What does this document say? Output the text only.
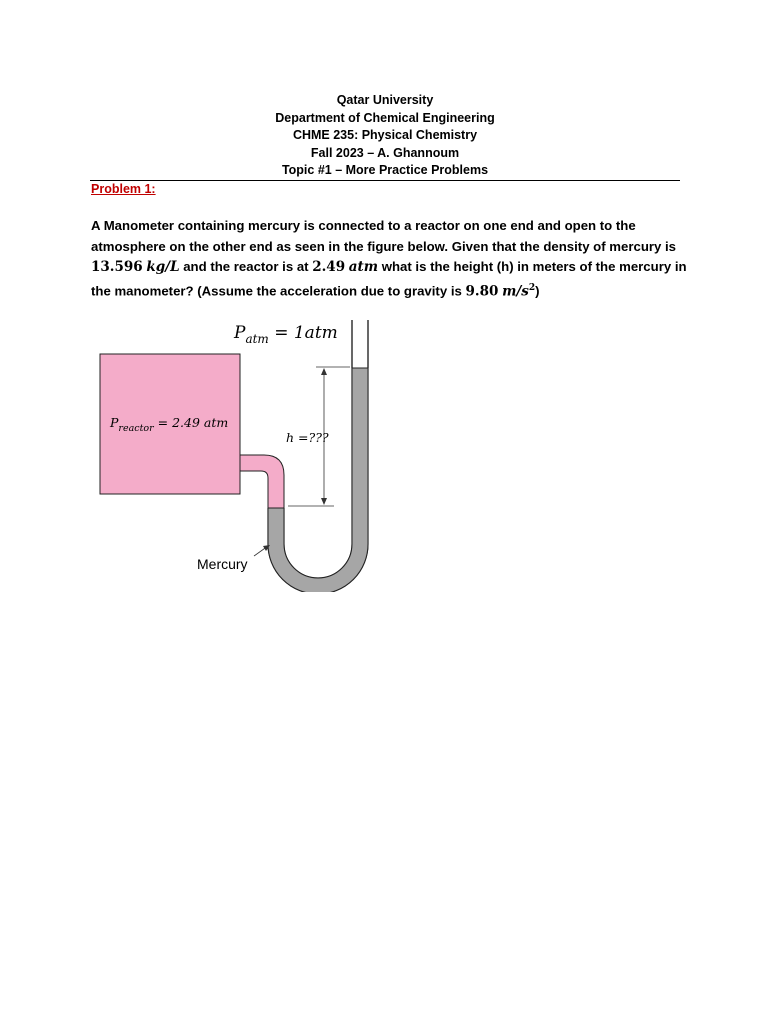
Qatar University
Department of Chemical Engineering
CHME 235: Physical Chemistry
Fall 2023 – A. Ghannoum
Topic #1 – More Practice Problems
Problem 1:
A Manometer containing mercury is connected to a reactor on one end and open to the atmosphere on the other end as seen in the figure below. Given that the density of mercury is 13.596 kg/L and the reactor is at 2.49 atm what is the height (h) in meters of the mercury in the manometer? (Assume the acceleration due to gravity is 9.80 $m/s^2$)
$P_{atm} = 1atm$
$P_{reactor} = 2.49$ atm
h =???
Mercury
